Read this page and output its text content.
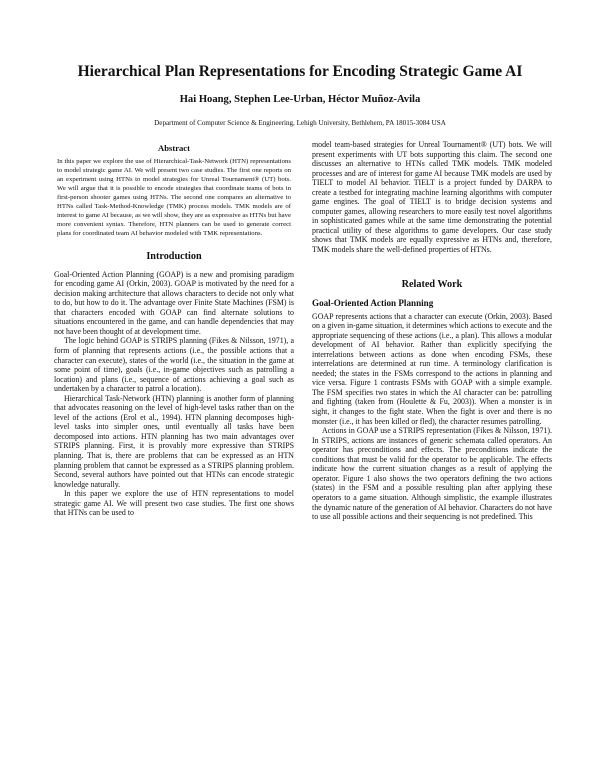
Hierarchical Plan Representations for Encoding Strategic Game AI
Hai Hoang, Stephen Lee-Urban, Héctor Muñoz-Avila
Department of Computer Science & Engineering, Lehigh University, Bethlehem, PA 18015-3084 USA
Abstract
In this paper we explore the use of Hierarchical-Task-Network (HTN) representations to model strategic game AI. We will present two case studies. The first one reports on an experiment using HTNs to model strategies for Unreal Tournament® (UT) bots. We will argue that it is possible to encode strategies that coordinate teams of bots in first-person shooter games using HTNs. The second one compares an alternative to HTNs called Task-Method-Knowledge (TMK) process models. TMK models are of interest to game AI because, as we will show, they are as expressive as HTNs but have more convenient syntax. Therefore, HTN planners can be used to generate correct plans for coordinated team AI behavior modeled with TMK representations.
Introduction

Goal-Oriented Action Planning (GOAP) is a new and promising paradigm for encoding game AI (Orkin, 2003). GOAP is motivated by the need for a decision making architecture that allows characters to decide not only what to do, but how to do it. The advantage over Finite State Machines (FSM) is that characters encoded with GOAP can find alternate solutions to situations encountered in the game, and can handle dependencies that may not have been thought of at development time.

The logic behind GOAP is STRIPS planning (Fikes & Nilsson, 1971), a form of planning that represents actions (i.e., the possible actions that a character can execute), states of the world (i.e., the situation in the game at some point of time), goals (i.e., in-game objectives such as patrolling a location) and plans (i.e., sequence of actions achieving a goal such as undertaken by a character to patrol a location).

Hierarchical Task-Network (HTN) planning is another form of planning that advocates reasoning on the level of high-level tasks rather than on the level of the actions (Erol et al., 1994). HTN planning decomposes high-level tasks into simpler ones, until eventually all tasks have been decomposed into actions. HTN planning has two main advantages over STRIPS planning. First, it is provably more expressive than STRIPS planning. That is, there are problems that can be expressed as an HTN planning problem that cannot be expressed as a STRIPS planning problem. Second, several authors have pointed out that HTNs can encode strategic knowledge naturally.

In this paper we explore the use of HTN representations to model strategic game AI. We will present two case studies. The first one shows that HTNs can be used to

model team-based strategies for Unreal Tournament® (UT) bots. We will present experiments with UT bots supporting this claim. The second one discusses an alternative to HTNs called TMK models. TMK modeled processes and are of interest for game AI because TMK models are used by TIELT to model AI behavior. TIELT is a project funded by DARPA to create a testbed for integrating machine learning algorithms with computer game engines. The goal of TIELT is to bridge decision systems and computer games, allowing researchers to more easily test novel algorithms in sophisticated games while at the same time demonstrating the potential practical utility of these algorithms to game developers. Our case study shows that TMK models are equally expressive as HTNs and, therefore, TMK models share the well-defined properties of HTNs.

Related Work
Goal-Oriented Action Planning

GOAP represents actions that a character can execute (Orkin, 2003). Based on a given in-game situation, it determines which actions to execute and the appropriate sequencing of these actions (i.e., a plan). This allows a modular development of AI behavior. Rather than explicitly specifying the interrelations between actions as done when encoding FSMs, these interrelations are determined at run time. A terminology clarification is needed; the states in the FSMs correspond to the actions in planning and vice versa. Figure 1 contrasts FSMs with GOAP with a simple example. The FSM specifies two states in which the AI character can be: patrolling and fighting (taken from (Houlette & Fu, 2003)). When a monster is in sight, it changes to the fight state. When the fight is over and there is no monster (i.e., it has been killed or fled), the character resumes patrolling.

Actions in GOAP use a STRIPS representation (Fikes & Nilsson, 1971). In STRIPS, actions are instances of generic schemata called operators. An operator has preconditions and effects. The preconditions indicate the conditions that must be valid for the operator to be applicable. The effects indicate how the current situation changes as a result of applying the operator. Figure 1 also shows the two operators defining the two actions (states) in the FSM and a possible resulting plan after applying these operators to a game situation. Although simplistic, the example illustrates the dynamic nature of the generation of AI behavior. Characters do not have to use all possible actions and their sequencing is not predefined. This
